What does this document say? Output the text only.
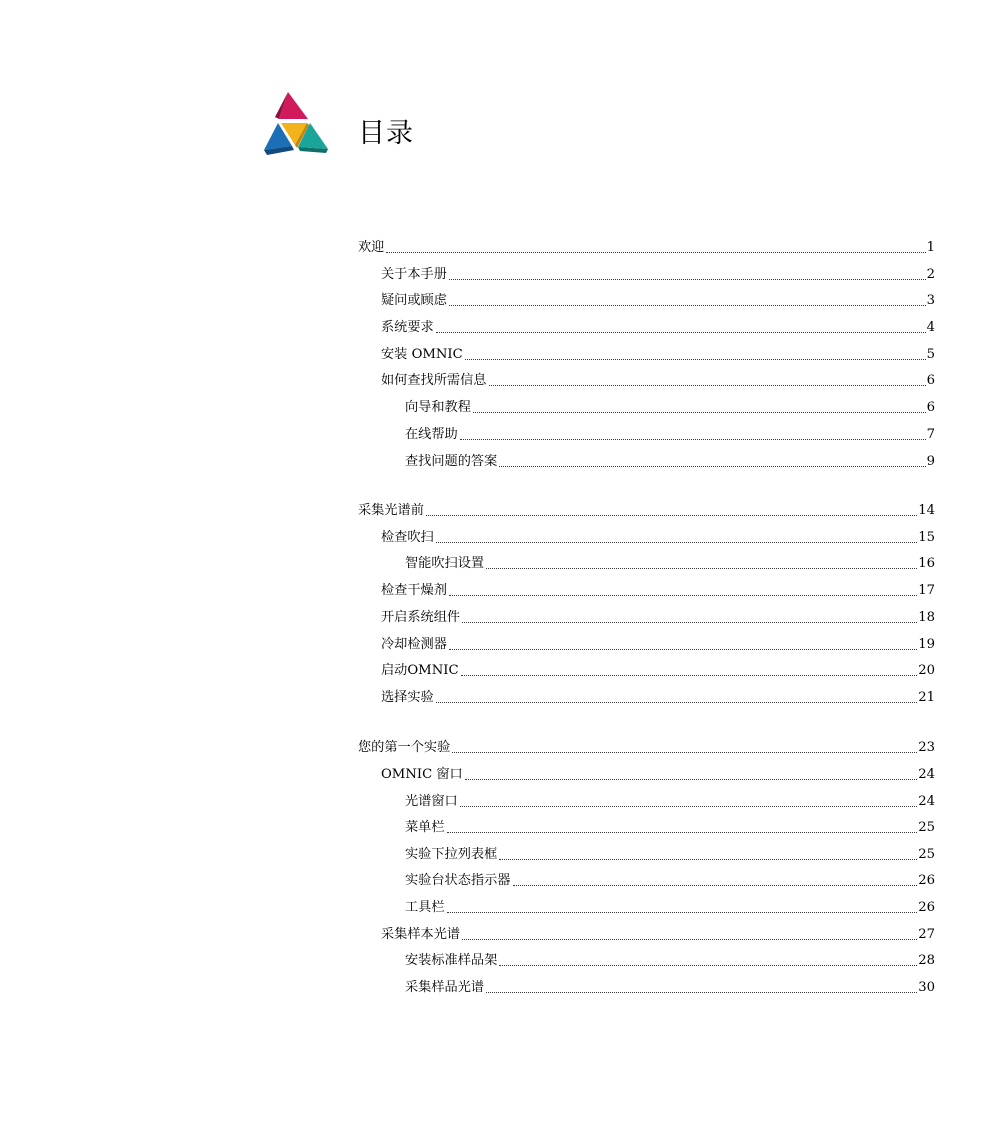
目录
欢迎	1
关于本手册	2
疑问或顾虑	3
系统要求	4
安装 OMNIC	5
如何查找所需信息	6
向导和教程	6
在线帮助	7
查找问题的答案	9
采集光谱前	14
检查吹扫	15
智能吹扫设置	16
检查干燥剂	17
开启系统组件	18
冷却检测器	19
启动OMNIC	20
选择实验	21
您的第一个实验	23
OMNIC 窗口	24
光谱窗口	24
菜单栏	25
实验下拉列表框	25
实验台状态指示器	26
工具栏	26
采集样本光谱	27
安装标准样品架	28
采集样品光谱	30
